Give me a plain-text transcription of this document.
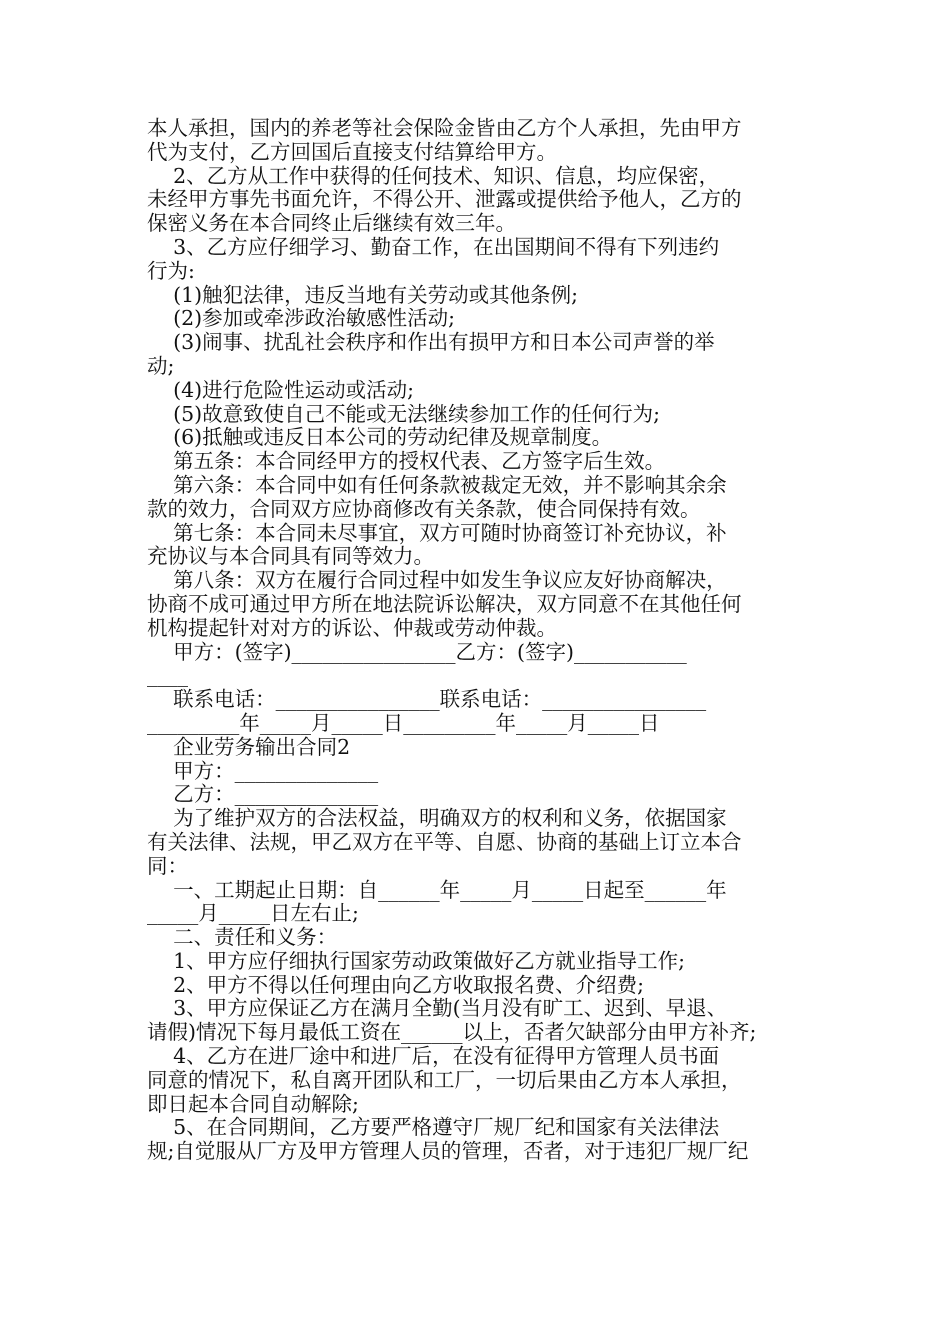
本人承担，国内的养老等社会保险金皆由乙方个人承担，先由甲方
代为支付，乙方回国后直接支付结算给甲方。
2、乙方从工作中获得的任何技术、知识、信息，均应保密，
未经甲方事先书面允许，不得公开、泄露或提供给予他人，乙方的
保密义务在本合同终止后继续有效三年。
3、乙方应仔细学习、勤奋工作，在出国期间不得有下列违约
行为:
(1)触犯法律，违反当地有关劳动或其他条例;
(2)参加或牵涉政治敏感性活动;
(3)闹事、扰乱社会秩序和作出有损甲方和日本公司声誉的举
动;
(4)进行危险性运动或活动;
(5)故意致使自己不能或无法继续参加工作的任何行为;
(6)抵触或违反日本公司的劳动纪律及规章制度。
第五条：本合同经甲方的授权代表、乙方签字后生效。
第六条：本合同中如有任何条款被裁定无效，并不影响其余余
款的效力，合同双方应协商修改有关条款，使合同保持有效。
第七条：本合同未尽事宜，双方可随时协商签订补充协议，补
充协议与本合同具有同等效力。
第八条：双方在履行合同过程中如发生争议应友好协商解决，
协商不成可通过甲方所在地法院诉讼解决，双方同意不在其他任何
机构提起针对对方的诉讼、仲裁或劳动仲裁。
甲方：(签字)________________乙方：(签字)___________
____
联系电话：________________联系电话：________________
_________年_____月_____日_________年_____月_____日
企业劳务输出合同2
甲方：______________
乙方：______________
为了维护双方的合法权益，明确双方的权利和义务，依据国家
有关法律、法规，甲乙双方在平等、自愿、协商的基础上订立本合
同：
一、工期起止日期：自______年_____月_____日起至______年
_____月_____日左右止;
二、责任和义务：
1、甲方应仔细执行国家劳动政策做好乙方就业指导工作;
2、甲方不得以任何理由向乙方收取报名费、介绍费;
3、甲方应保证乙方在满月全勤(当月没有旷工、迟到、早退、
请假)情况下每月最低工资在______以上，否者欠缺部分由甲方补齐;
4、乙方在进厂途中和进厂后，在没有征得甲方管理人员书面
同意的情况下，私自离开团队和工厂，一切后果由乙方本人承担，
即日起本合同自动解除;
5、在合同期间，乙方要严格遵守厂规厂纪和国家有关法律法
规;自觉服从厂方及甲方管理人员的管理，否者，对于违犯厂规厂纪
